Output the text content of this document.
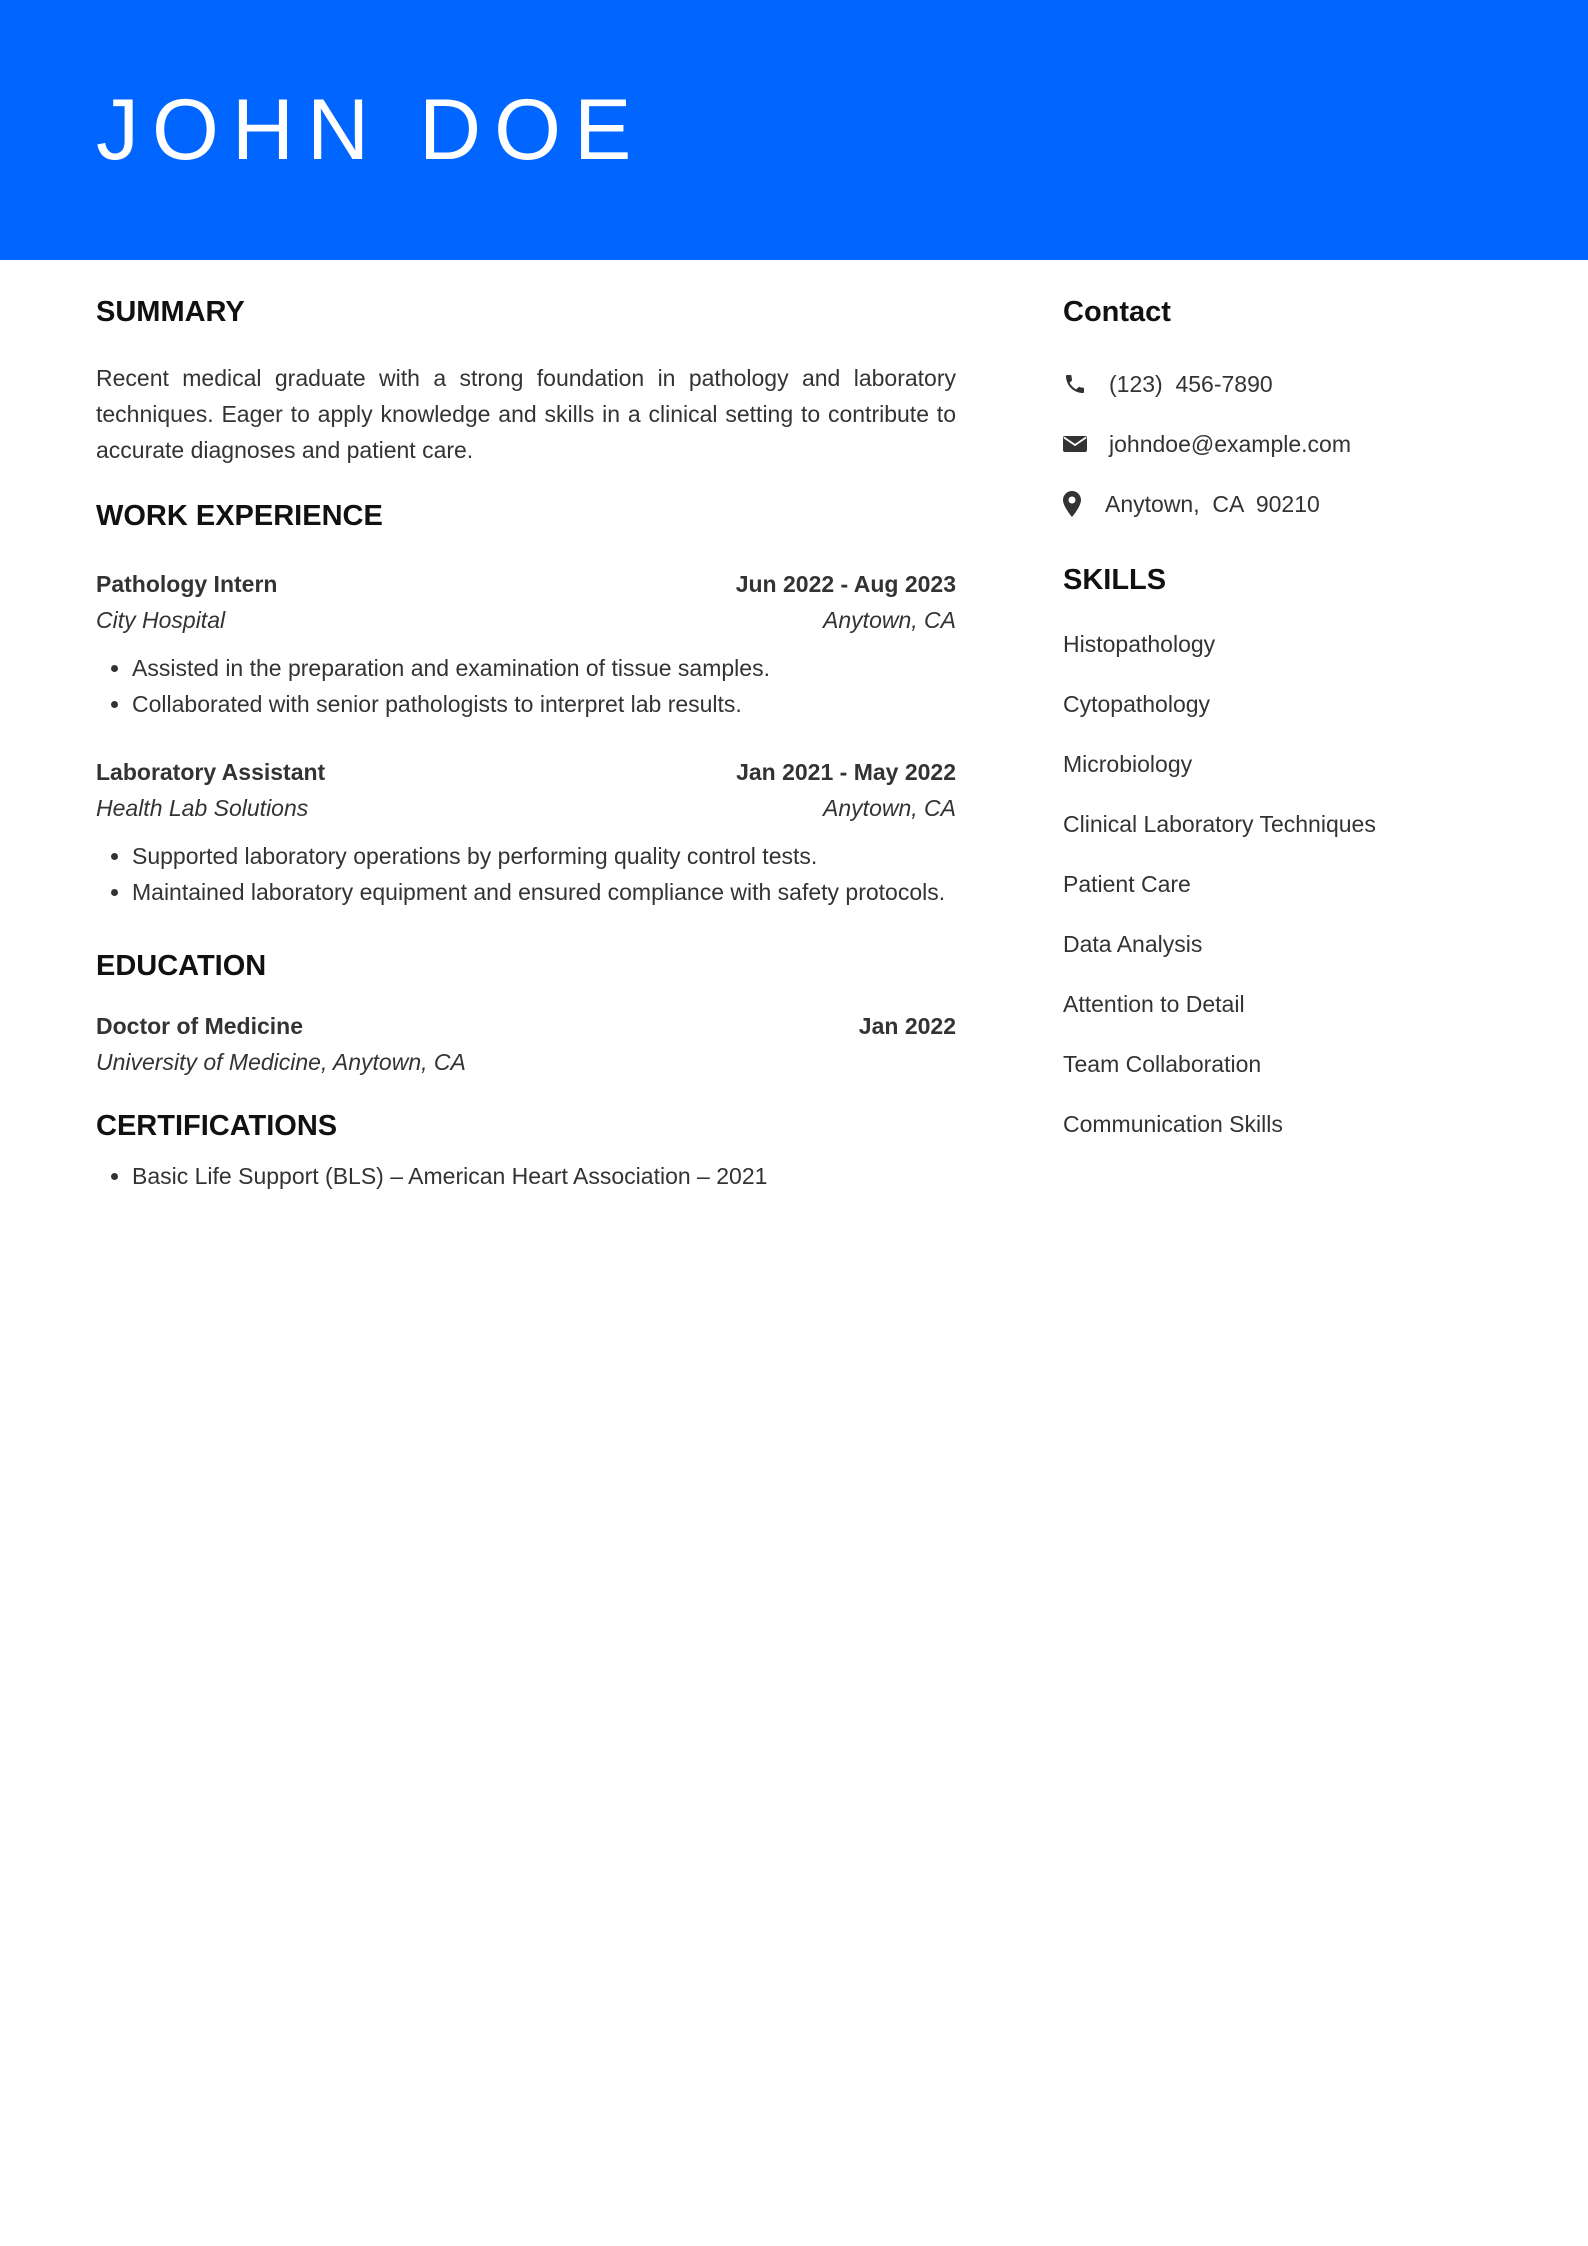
JOHN DOE
SUMMARY

Recent medical graduate with a strong foundation in pathology and laboratory techniques. Eager to apply knowledge and skills in a clinical setting to contribute to accurate diagnoses and patient care.

WORK EXPERIENCE
Pathology Intern	Jun 2022 - Aug 2023
City Hospital	Anytown, CA
• Assisted in the preparation and examination of tissue samples.
• Collaborated with senior pathologists to interpret lab results.
Laboratory Assistant	Jan 2021 - May 2022
Health Lab Solutions	Anytown, CA
• Supported laboratory operations by performing quality control tests.
• Maintained laboratory equipment and ensured compliance with safety protocols.
EDUCATION
Doctor of Medicine	Jan 2022
University of Medicine, Anytown, CA
CERTIFICATIONS
• Basic Life Support (BLS) – American Heart Association – 2021
Contact
(123)  456-7890
johndoe@example.com
Anytown,  CA  90210
SKILLS
Histopathology
Cytopathology
Microbiology
Clinical Laboratory Techniques
Patient Care
Data Analysis
Attention to Detail
Team Collaboration
Communication Skills
